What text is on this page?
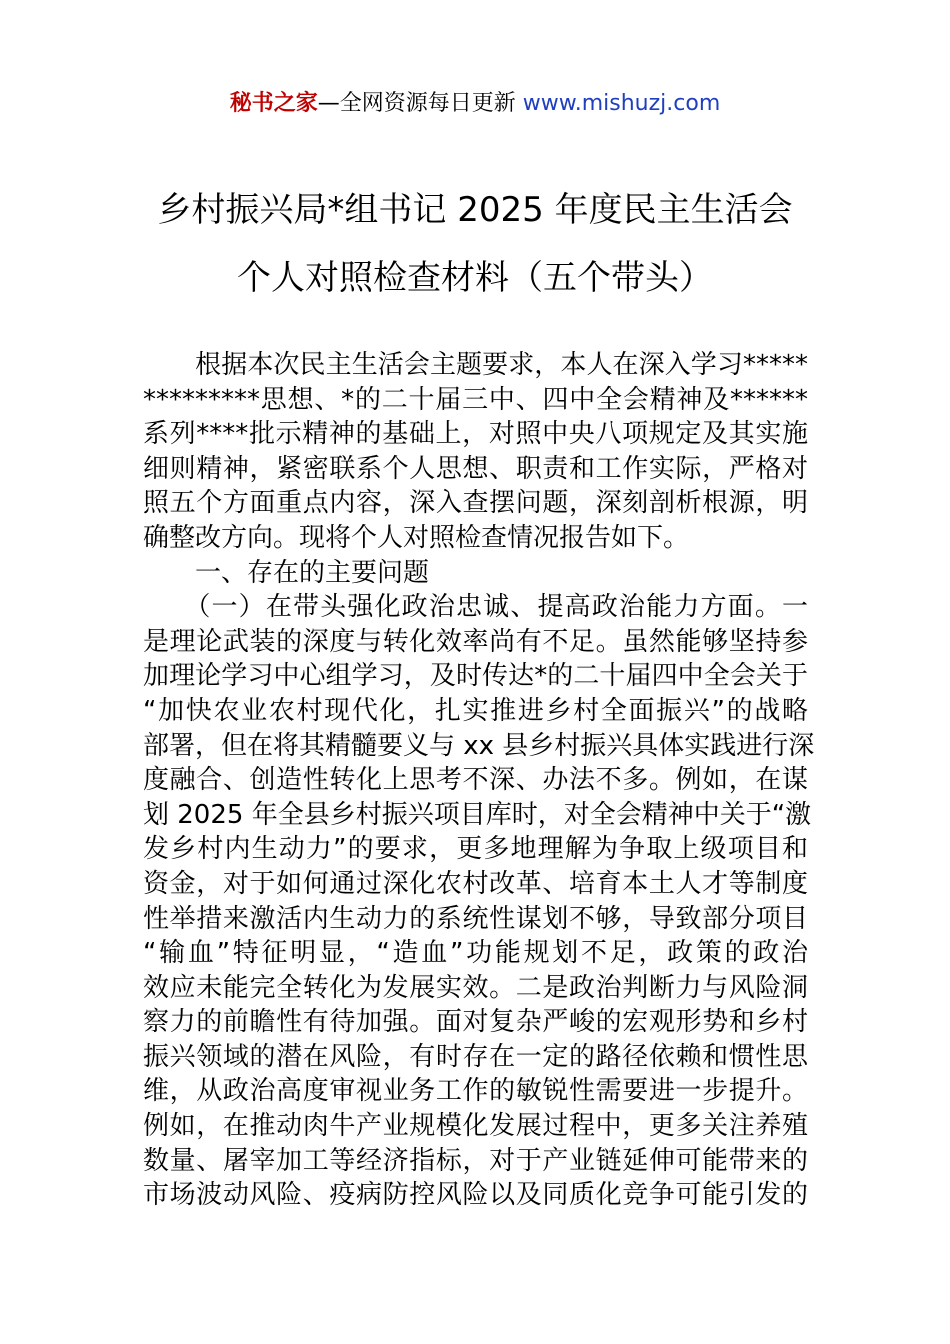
秘书之家—全网资源每日更新 www.mishuzj.com
乡村振兴局*组书记 2025 年度民主生活会
个人对照检查材料（五个带头）
　　根据本次民主生活会主题要求，本人在深入学习*****
*********思想、*的二十届三中、四中全会精神及******
系列****批示精神的基础上，对照中央八项规定及其实施
细则精神，紧密联系个人思想、职责和工作实际，严格对
照五个方面重点内容，深入查摆问题，深刻剖析根源，明
确整改方向。现将个人对照检查情况报告如下。
　　一、存在的主要问题
　　（一）在带头强化政治忠诚、提高政治能力方面。一
是理论武装的深度与转化效率尚有不足。虽然能够坚持参
加理论学习中心组学习，及时传达*的二十届四中全会关于
“加快农业农村现代化，扎实推进乡村全面振兴”的战略
部署，但在将其精髓要义与 xx 县乡村振兴具体实践进行深
度融合、创造性转化上思考不深、办法不多。例如，在谋
划 2025 年全县乡村振兴项目库时，对全会精神中关于“激
发乡村内生动力”的要求，更多地理解为争取上级项目和
资金，对于如何通过深化农村改革、培育本土人才等制度
性举措来激活内生动力的系统性谋划不够，导致部分项目
“输血”特征明显，“造血”功能规划不足，政策的政治
效应未能完全转化为发展实效。二是政治判断力与风险洞
察力的前瞻性有待加强。面对复杂严峻的宏观形势和乡村
振兴领域的潜在风险，有时存在一定的路径依赖和惯性思
维，从政治高度审视业务工作的敏锐性需要进一步提升。
例如，在推动肉牛产业规模化发展过程中，更多关注养殖
数量、屠宰加工等经济指标，对于产业链延伸可能带来的
市场波动风险、疫病防控风险以及同质化竞争可能引发的
